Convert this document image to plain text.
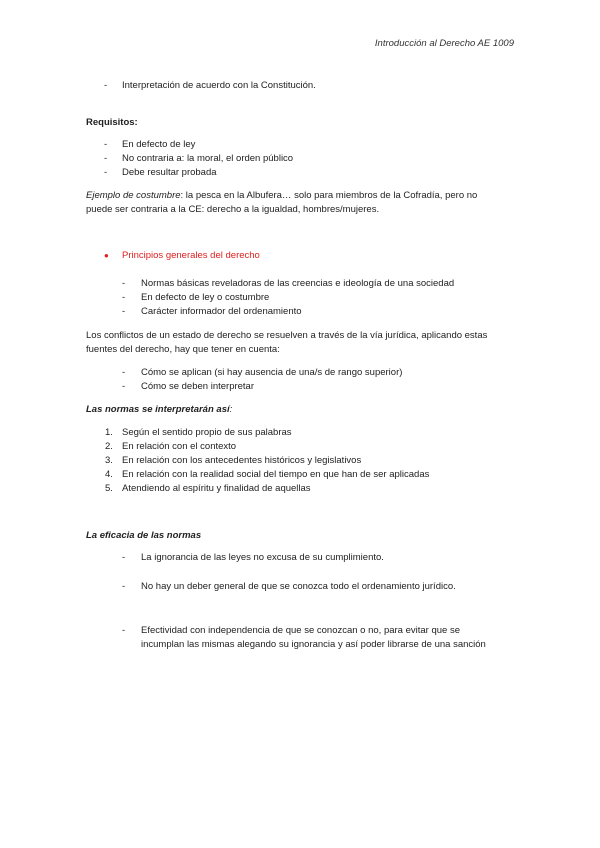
Introducción al Derecho AE 1009
- Interpretación de acuerdo con la Constitución.
Requisitos:
- En defecto de ley
- No contraria a: la moral, el orden público
- Debe resultar probada
Ejemplo de costumbre: la pesca en la Albufera… solo para miembros de la Cofradía, pero no
puede ser contraria a la CE: derecho a la igualdad, hombres/mujeres.
● Principios generales del derecho
- Normas básicas reveladoras de las creencias e ideología de una sociedad
- En defecto de ley o costumbre
- Carácter informador del ordenamiento
Los conflictos de un estado de derecho se resuelven a través de la vía jurídica, aplicando estas
fuentes del derecho, hay que tener en cuenta:
- Cómo se aplican (si hay ausencia de una/s de rango superior)
- Cómo se deben interpretar
Las normas se interpretarán así:
1. Según el sentido propio de sus palabras
2. En relación con el contexto
3. En relación con los antecedentes históricos y legislativos
4. En relación con la realidad social del tiempo en que han de ser aplicadas
5. Atendiendo al espíritu y finalidad de aquellas
La eficacia de las normas
- La ignorancia de las leyes no excusa de su cumplimiento.
- No hay un deber general de que se conozca todo el ordenamiento jurídico.
- Efectividad con independencia de que se conozcan o no, para evitar que se
incumplan las mismas alegando su ignorancia y así poder librarse de una sanción
